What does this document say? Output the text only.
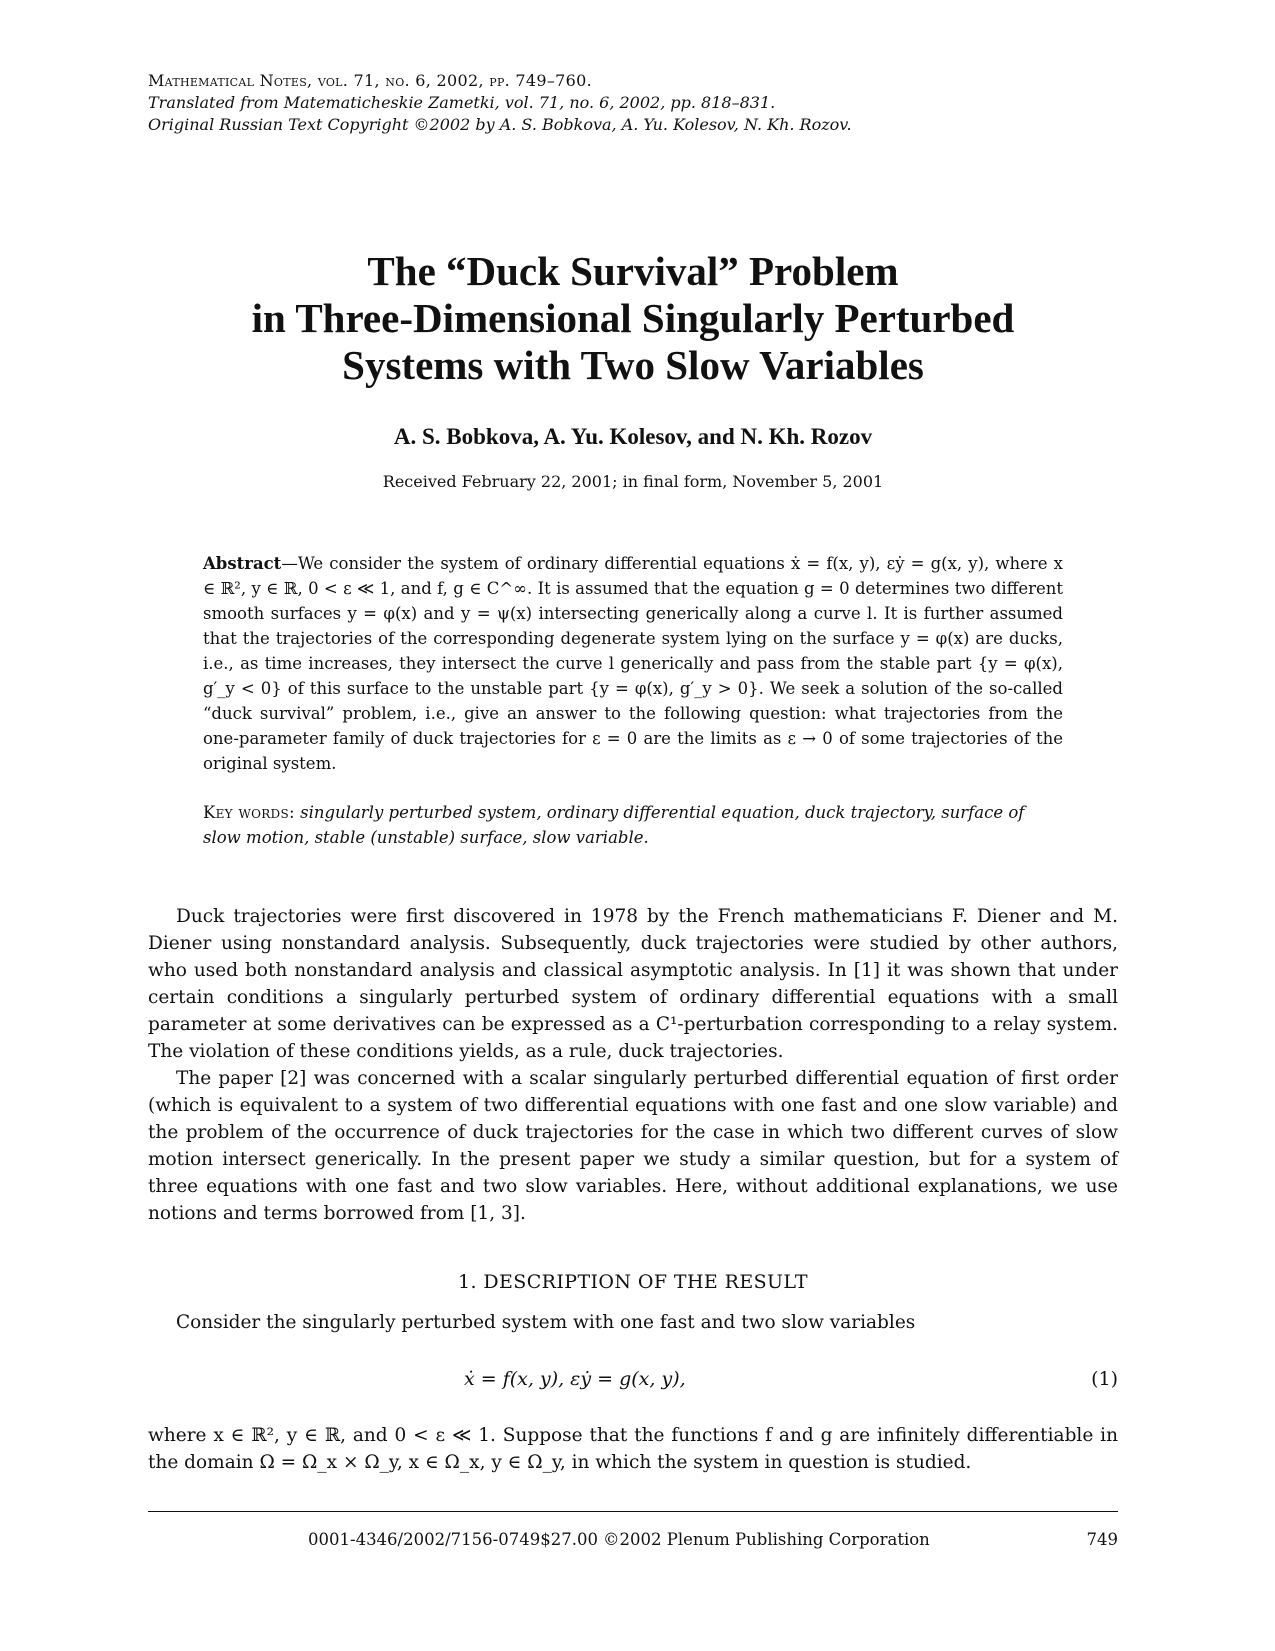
Mathematical Notes, vol. 71, no. 6, 2002, pp. 749–760.
Translated from Matematicheskie Zametki, vol. 71, no. 6, 2002, pp. 818–831.
Original Russian Text Copyright ©2002 by A. S. Bobkova, A. Yu. Kolesov, N. Kh. Rozov.
The “Duck Survival” Problem
in Three-Dimensional Singularly Perturbed
Systems with Two Slow Variables
A. S. Bobkova, A. Yu. Kolesov, and N. Kh. Rozov
Received February 22, 2001; in final form, November 5, 2001
Abstract—We consider the system of ordinary differential equations ẋ = f(x, y), εẏ = g(x, y), where x ∈ ℝ², y ∈ ℝ, 0 < ε ≪ 1, and f, g ∈ C^∞. It is assumed that the equation g = 0 determines two different smooth surfaces y = φ(x) and y = ψ(x) intersecting generically along a curve l. It is further assumed that the trajectories of the corresponding degenerate system lying on the surface y = φ(x) are ducks, i.e., as time increases, they intersect the curve l generically and pass from the stable part {y = φ(x), g′_y < 0} of this surface to the unstable part {y = φ(x), g′_y > 0}. We seek a solution of the so-called “duck survival” problem, i.e., give an answer to the following question: what trajectories from the one-parameter family of duck trajectories for ε = 0 are the limits as ε → 0 of some trajectories of the original system.
Key words: singularly perturbed system, ordinary differential equation, duck trajectory, surface of slow motion, stable (unstable) surface, slow variable.

Duck trajectories were first discovered in 1978 by the French mathematicians F. Diener and M. Diener using nonstandard analysis. Subsequently, duck trajectories were studied by other authors, who used both nonstandard analysis and classical asymptotic analysis. In [1] it was shown that under certain conditions a singularly perturbed system of ordinary differential equations with a small parameter at some derivatives can be expressed as a C¹-perturbation corresponding to a relay system. The violation of these conditions yields, as a rule, duck trajectories.

The paper [2] was concerned with a scalar singularly perturbed differential equation of first order (which is equivalent to a system of two differential equations with one fast and one slow variable) and the problem of the occurrence of duck trajectories for the case in which two different curves of slow motion intersect generically. In the present paper we study a similar question, but for a system of three equations with one fast and two slow variables. Here, without additional explanations, we use notions and terms borrowed from [1, 3].

1. DESCRIPTION OF THE RESULT
Consider the singularly perturbed system with one fast and two slow variables
ẋ = f(x, y), εẏ = g(x, y),	(1)
where x ∈ ℝ², y ∈ ℝ, and 0 < ε ≪ 1. Suppose that the functions f and g are infinitely differentiable in the domain Ω = Ω_x × Ω_y, x ∈ Ω_x, y ∈ Ω_y, in which the system in question is studied.
0001-4346/2002/7156-0749$27.00 ©2002 Plenum Publishing Corporation	749
